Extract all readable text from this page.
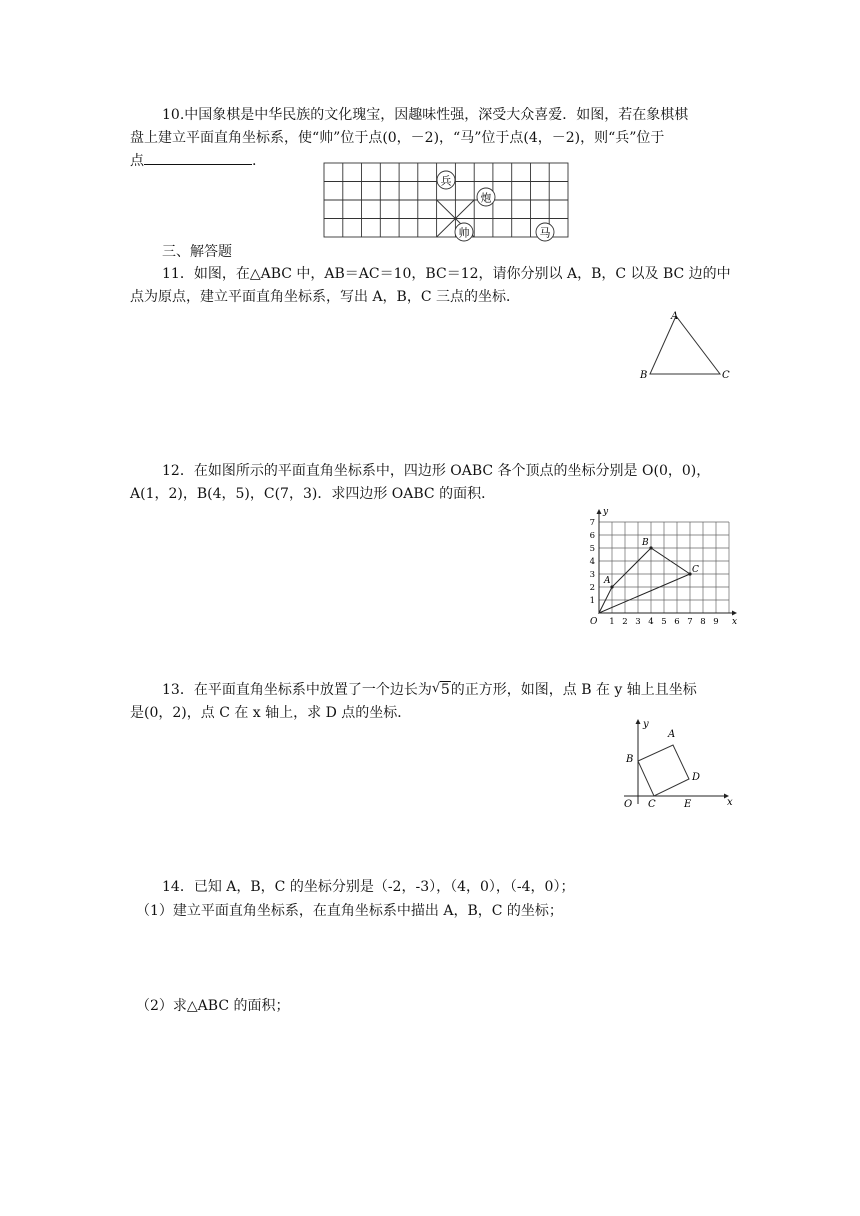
10.中国象棋是中华民族的文化瑰宝，因趣味性强，深受大众喜爱．如图，若在象棋棋
盘上建立平面直角坐标系，使“帅”位于点(0，－2)，“马”位于点(4，－2)，则“兵”位于
点	.
兵
炮
帅	马
三、解答题
11．如图，在△ABC 中，AB＝AC＝10，BC＝12，请你分别以 A，B，C 以及 BC 边的中
点为原点，建立平面直角坐标系，写出 A，B，C 三点的坐标．
A
B	C
12．在如图所示的平面直角坐标系中，四边形 OABC 各个顶点的坐标分别是 O(0，0)，
A(1，2)，B(4，5)，C(7，3)．求四边形 OABC 的面积．
1 2 3 4 5 6 7 8 9
1
2
3
4
5
6
7
A
B
C
y
x
O
13．在平面直角坐标系中放置了一个边长为 √ 5的正方形，如图，点 B 在 y 轴上且坐标
是(0，2)，点 C 在 x 轴上，求 D 点的坐标．
y
x
O
B
C
A
D
E
14．已知 A，B，C 的坐标分别是（-2，-3），（4，0），（-4，0）；
（1）建立平面直角坐标系，在直角坐标系中描出 A，B，C 的坐标；
（2）求△ABC 的面积；
